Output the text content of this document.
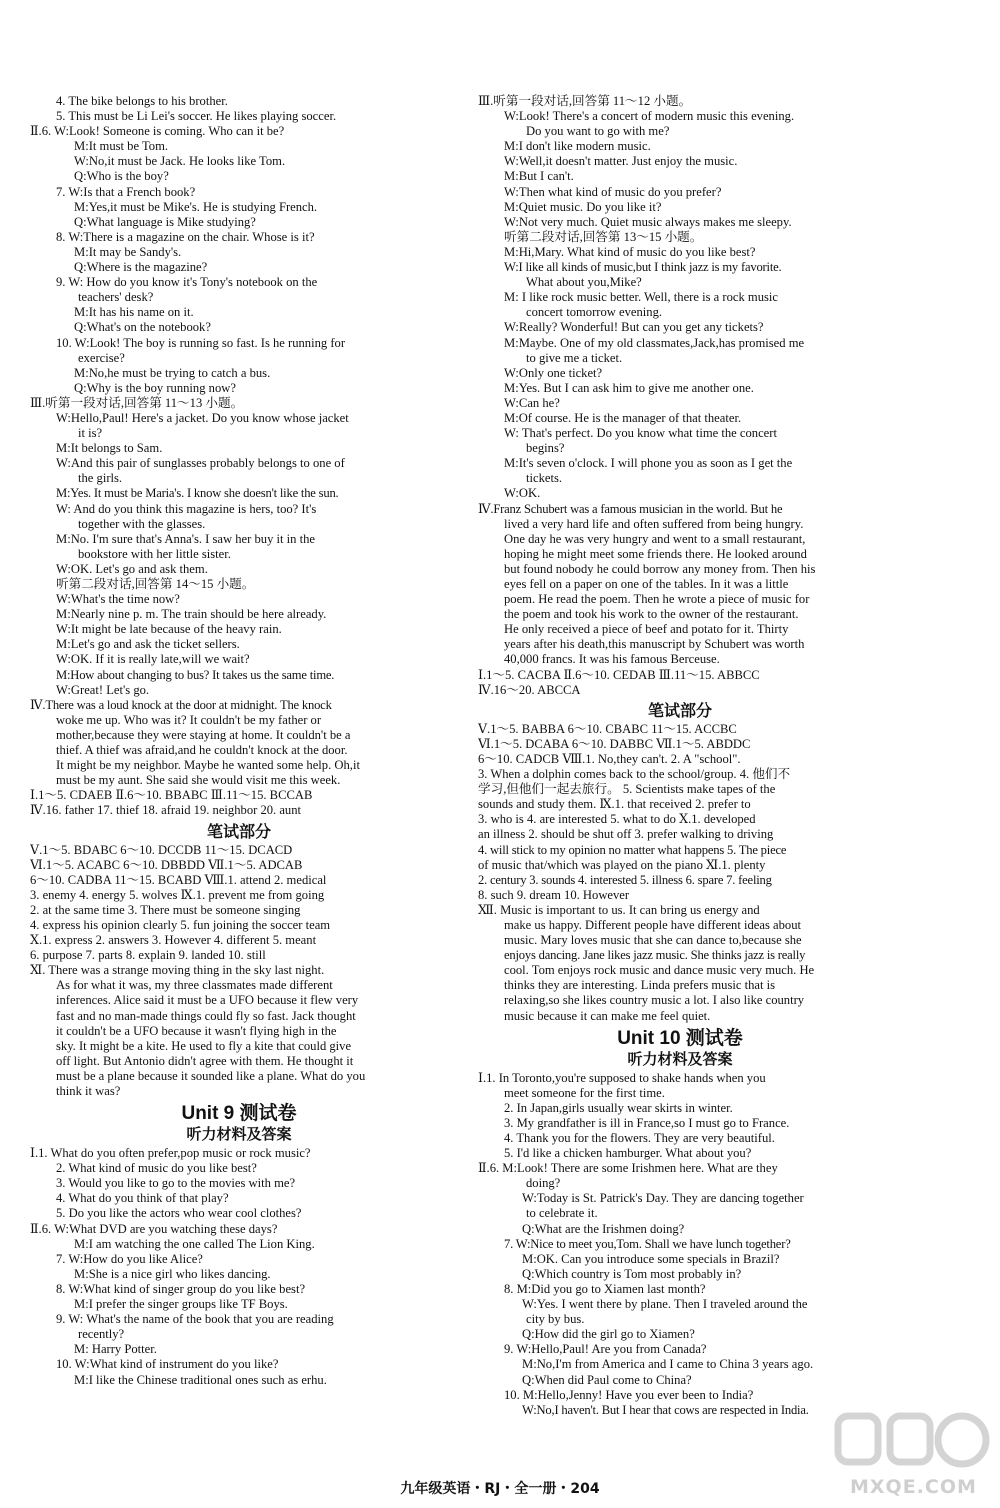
4. The bike belongs to his brother.
5. This must be Li Lei's soccer. He likes playing soccer.
Ⅱ.6. W:Look! Someone is coming. Who can it be?
M:It must be Tom.
W:No,it must be Jack. He looks like Tom.
Q:Who is the boy?
7. W:Is that a French book?
M:Yes,it must be Mike's. He is studying French.
Q:What language is Mike studying?
8. W:There is a magazine on the chair. Whose is it?
M:It may be Sandy's.
Q:Where is the magazine?
9. W: How do you know it's Tony's notebook on the
teachers' desk?
M:It has his name on it.
Q:What's on the notebook?
10. W:Look! The boy is running so fast. Is he running for
exercise?
M:No,he must be trying to catch a bus.
Q:Why is the boy running now?
Ⅲ.听第一段对话,回答第 11～13 小题。
W:Hello,Paul! Here's a jacket. Do you know whose jacket
it is?
M:It belongs to Sam.
W:And this pair of sunglasses probably belongs to one of
the girls.
M:Yes. It must be Maria's. I know she doesn't like the sun.
W: And do you think this magazine is hers, too? It's
together with the glasses.
M:No. I'm sure that's Anna's. I saw her buy it in the
bookstore with her little sister.
W:OK. Let's go and ask them.
听第二段对话,回答第 14～15 小题。
W:What's the time now?
M:Nearly nine p. m. The train should be here already.
W:It might be late because of the heavy rain.
M:Let's go and ask the ticket sellers.
W:OK. If it is really late,will we wait?
M:How about changing to bus? It takes us the same time.
W:Great! Let's go.
Ⅳ.There was a loud knock at the door at midnight. The knock
woke me up. Who was it? It couldn't be my father or
mother,because they were staying at home. It couldn't be a
thief. A thief was afraid,and he couldn't knock at the door.
It might be my neighbor. Maybe he wanted some help. Oh,it
must be my aunt. She said she would visit me this week.
Ⅰ.1～5. CDAEB Ⅱ.6～10. BBABC Ⅲ.11～15. BCCAB
Ⅳ.16. father 17. thief 18. afraid 19. neighbor 20. aunt
笔试部分
Ⅴ.1～5. BDABC 6～10. DCCDB 11～15. DCACD
Ⅵ.1～5. ACABC 6～10. DBBDD Ⅶ.1～5. ADCAB
6～10. CADBA 11～15. BCABD Ⅷ.1. attend 2. medical
3. enemy 4. energy 5. wolves Ⅸ.1. prevent me from going
2. at the same time 3. There must be someone singing
4. express his opinion clearly 5. fun joining the soccer team
Ⅹ.1. express 2. answers 3. However 4. different 5. meant
6. purpose 7. parts 8. explain 9. landed 10. still
Ⅺ. There was a strange moving thing in the sky last night.
As for what it was, my three classmates made different
inferences. Alice said it must be a UFO because it flew very
fast and no man-made things could fly so fast. Jack thought
it couldn't be a UFO because it wasn't flying high in the
sky. It might be a kite. He used to fly a kite that could give
off light. But Antonio didn't agree with them. He thought it
must be a plane because it sounded like a plane. What do you
think it was?
Unit 9 测试卷
听力材料及答案
Ⅰ.1. What do you often prefer,pop music or rock music?
2. What kind of music do you like best?
3. Would you like to go to the movies with me?
4. What do you think of that play?
5. Do you like the actors who wear cool clothes?
Ⅱ.6. W:What DVD are you watching these days?
M:I am watching the one called The Lion King.
7. W:How do you like Alice?
M:She is a nice girl who likes dancing.
8. W:What kind of singer group do you like best?
M:I prefer the singer groups like TF Boys.
9. W: What's the name of the book that you are reading
recently?
M: Harry Potter.
10. W:What kind of instrument do you like?
M:I like the Chinese traditional ones such as erhu.
Ⅲ.听第一段对话,回答第 11～12 小题。
W:Look! There's a concert of modern music this evening.
Do you want to go with me?
M:I don't like modern music.
W:Well,it doesn't matter. Just enjoy the music.
M:But I can't.
W:Then what kind of music do you prefer?
M:Quiet music. Do you like it?
W:Not very much. Quiet music always makes me sleepy.
听第二段对话,回答第 13～15 小题。
M:Hi,Mary. What kind of music do you like best?
W:I like all kinds of music,but I think jazz is my favorite.
What about you,Mike?
M: I like rock music better. Well, there is a rock music
concert tomorrow evening.
W:Really? Wonderful! But can you get any tickets?
M:Maybe. One of my old classmates,Jack,has promised me
to give me a ticket.
W:Only one ticket?
M:Yes. But I can ask him to give me another one.
W:Can he?
M:Of course. He is the manager of that theater.
W: That's perfect. Do you know what time the concert
begins?
M:It's seven o'clock. I will phone you as soon as I get the
tickets.
W:OK.
Ⅳ.Franz Schubert was a famous musician in the world. But he
lived a very hard life and often suffered from being hungry.
One day he was very hungry and went to a small restaurant,
hoping he might meet some friends there. He looked around
but found nobody he could borrow any money from. Then his
eyes fell on a paper on one of the tables. In it was a little
poem. He read the poem. Then he wrote a piece of music for
the poem and took his work to the owner of the restaurant.
He only received a piece of beef and potato for it. Thirty
years after his death,this manuscript by Schubert was worth
40,000 francs. It was his famous Berceuse.
Ⅰ.1～5. CACBA Ⅱ.6～10. CEDAB Ⅲ.11～15. ABBCC
Ⅳ.16～20. ABCCA
笔试部分
Ⅴ.1～5. BABBA 6～10. CBABC 11～15. ACCBC
Ⅵ.1～5. DCABA 6～10. DABBC Ⅶ.1～5. ABDDC
6～10. CADCB Ⅷ.1. No,they can't. 2. A "school".
3. When a dolphin comes back to the school/group. 4. 他们不
学习,但他们一起去旅行。 5. Scientists make tapes of the
sounds and study them. Ⅸ.1. that received 2. prefer to
3. who is 4. are interested 5. what to do Ⅹ.1. developed
an illness 2. should be shut off 3. prefer walking to driving
4. will stick to my opinion no matter what happens 5. The piece
of music that/which was played on the piano Ⅺ.1. plenty
2. century 3. sounds 4. interested 5. illness 6. spare 7. feeling
8. such 9. dream 10. However
Ⅻ. Music is important to us. It can bring us energy and
make us happy. Different people have different ideas about
music. Mary loves music that she can dance to,because she
enjoys dancing. Jane likes jazz music. She thinks jazz is really
cool. Tom enjoys rock music and dance music very much. He
thinks they are interesting. Linda prefers music that is
relaxing,so she likes country music a lot. I also like country
music because it can make me feel quiet.
Unit 10 测试卷
听力材料及答案
Ⅰ.1. In Toronto,you're supposed to shake hands when you
meet someone for the first time.
2. In Japan,girls usually wear skirts in winter.
3. My grandfather is ill in France,so I must go to France.
4. Thank you for the flowers. They are very beautiful.
5. I'd like a chicken hamburger. What about you?
Ⅱ.6. M:Look! There are some Irishmen here. What are they
doing?
W:Today is St. Patrick's Day. They are dancing together
to celebrate it.
Q:What are the Irishmen doing?
7. W:Nice to meet you,Tom. Shall we have lunch together?
M:OK. Can you introduce some specials in Brazil?
Q:Which country is Tom most probably in?
8. M:Did you go to Xiamen last month?
W:Yes. I went there by plane. Then I traveled around the
city by bus.
Q:How did the girl go to Xiamen?
9. W:Hello,Paul! Are you from Canada?
M:No,I'm from America and I came to China 3 years ago.
Q:When did Paul come to China?
10. M:Hello,Jenny! Have you ever been to India?
W:No,I haven't. But I hear that cows are respected in India.
九年级英语・RJ・全一册・204	MXQE.COM
